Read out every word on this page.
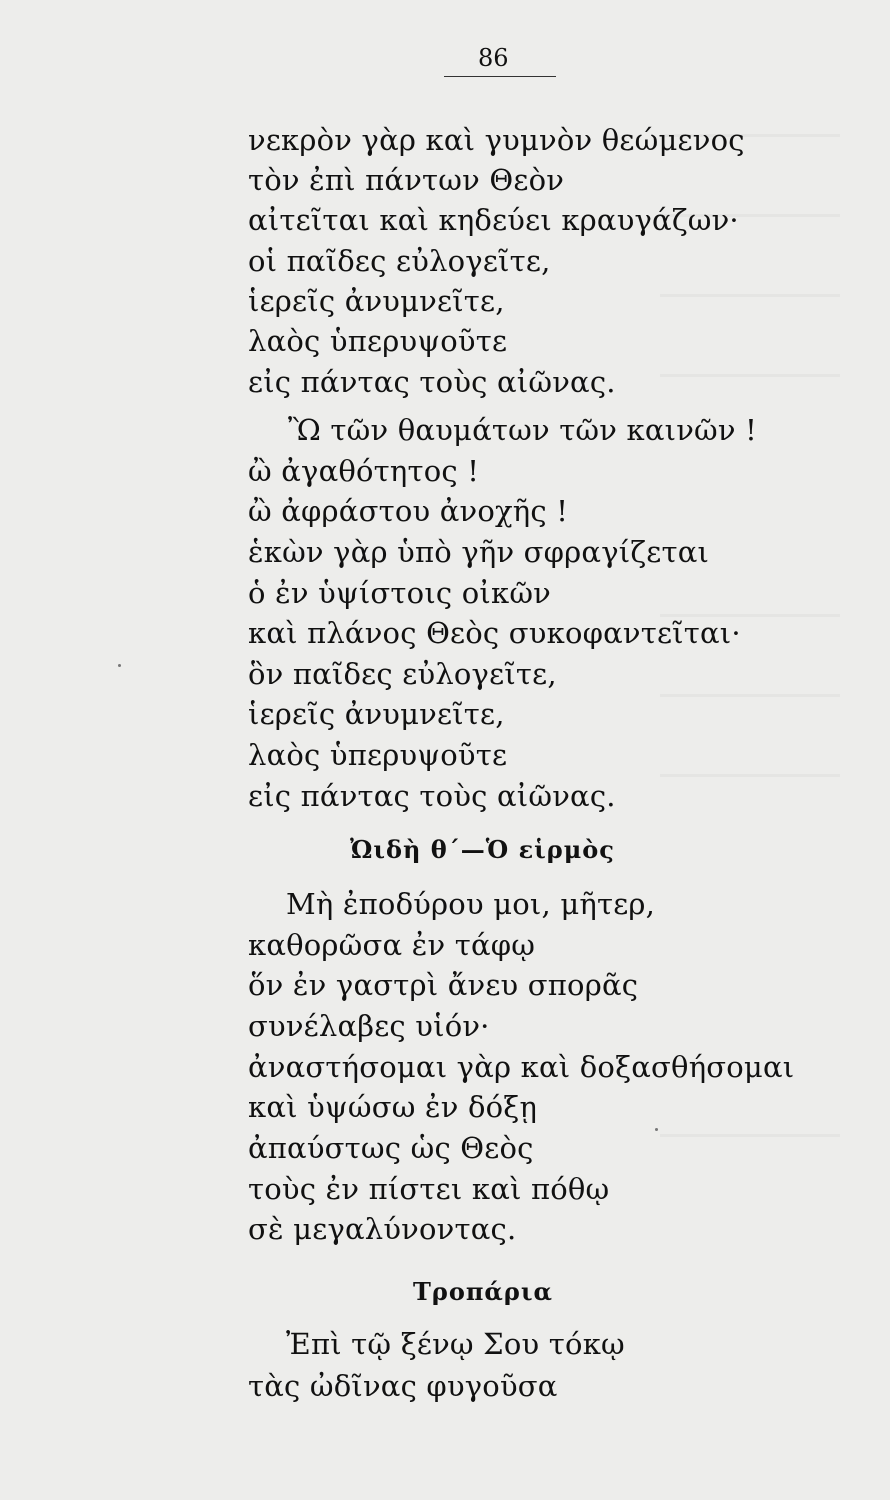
86
νεκρὸν γὰρ καὶ γυμνὸν θεώμενος
τὸν ἐπὶ πάντων Θεὸν
αἰτεῖται καὶ κηδεύει κραυγάζων·
οἱ παῖδες εὐλογεῖτε,
ἱερεῖς ἀνυμνεῖτε,
λαὸς ὑπερυψοῦτε
εἰς πάντας τοὺς αἰῶνας.
Ὢ τῶν θαυμάτων τῶν καινῶν !
ὢ ἀγαθότητος !
ὢ ἀφράστου ἀνοχῆς !
ἑκὼν γὰρ ὑπὸ γῆν σφραγίζεται
ὁ ἐν ὑψίστοις οἰκῶν
καὶ πλάνος Θεὸς συκοφαντεῖται·
ὃν παῖδες εὐλογεῖτε,
ἱερεῖς ἀνυμνεῖτε,
λαὸς ὑπερυψοῦτε
εἰς πάντας τοὺς αἰῶνας.
Ὠιδὴ θ΄—Ὁ εἱρμὸς
Μὴ ἐποδύρου μοι, μῆτερ,
καθορῶσα ἐν τάφῳ
ὅν ἐν γαστρὶ ἄνευ σπορᾶς
συνέλαβες υἱόν·
ἀναστήσομαι γὰρ καὶ δοξασθήσομαι
καὶ ὑψώσω ἐν δόξῃ
ἀπαύστως ὡς Θεὸς
τοὺς ἐν πίστει καὶ πόθῳ
σὲ μεγαλύνοντας.
Τροπάρια
Ἐπὶ τῷ ξένῳ Σου τόκῳ
τὰς ὠδῖνας φυγοῦσα
